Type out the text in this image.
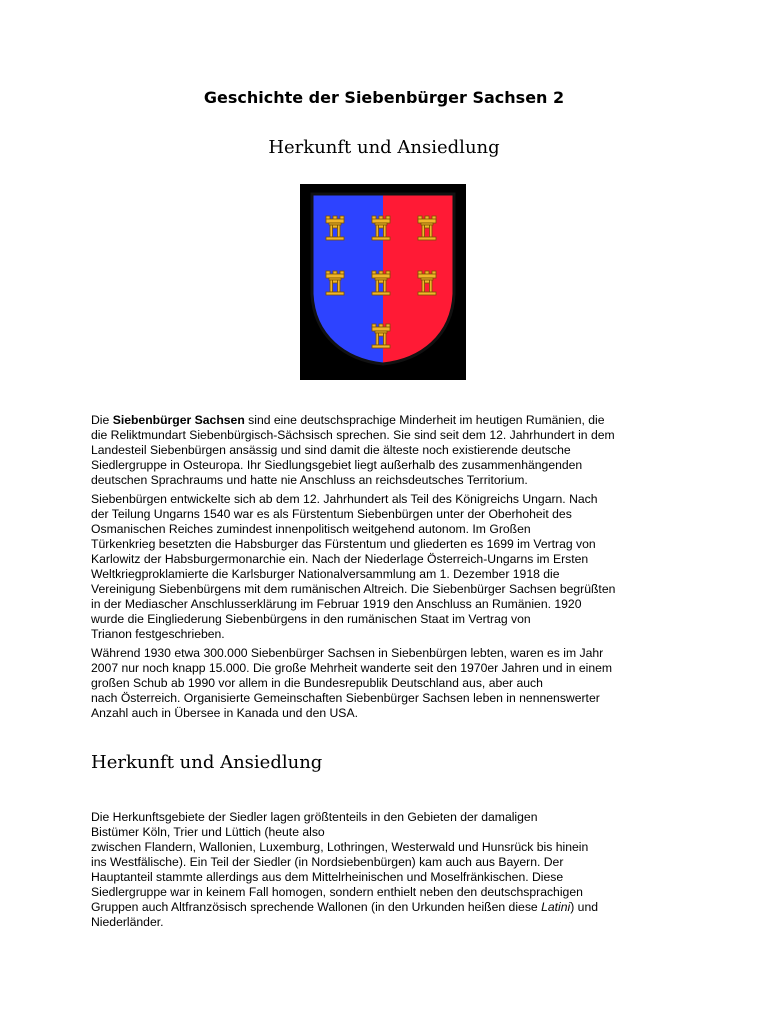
Geschichte der Siebenbürger Sachsen 2
Herkunft und Ansiedlung
Die Siebenbürger Sachsen sind eine deutschsprachige Minderheit im heutigen Rumänien, die
die Reliktmundart Siebenbürgisch-Sächsisch sprechen. Sie sind seit dem 12. Jahrhundert in dem
Landesteil Siebenbürgen ansässig und sind damit die älteste noch existierende deutsche
Siedlergruppe in Osteuropa. Ihr Siedlungsgebiet liegt außerhalb des zusammenhängenden
deutschen Sprachraums und hatte nie Anschluss an reichsdeutsches Territorium.
Siebenbürgen entwickelte sich ab dem 12. Jahrhundert als Teil des Königreichs Ungarn. Nach
der Teilung Ungarns 1540 war es als Fürstentum Siebenbürgen unter der Oberhoheit des
Osmanischen Reiches zumindest innenpolitisch weitgehend autonom. Im Großen
Türkenkrieg besetzten die Habsburger das Fürstentum und gliederten es 1699 im Vertrag von
Karlowitz der Habsburgermonarchie ein. Nach der Niederlage Österreich-Ungarns im Ersten
Weltkriegproklamierte die Karlsburger Nationalversammlung am 1. Dezember 1918 die
Vereinigung Siebenbürgens mit dem rumänischen Altreich. Die Siebenbürger Sachsen begrüßten
in der Mediascher Anschlusserklärung im Februar 1919 den Anschluss an Rumänien. 1920
wurde die Eingliederung Siebenbürgens in den rumänischen Staat im Vertrag von
Trianon festgeschrieben.
Während 1930 etwa 300.000 Siebenbürger Sachsen in Siebenbürgen lebten, waren es im Jahr
2007 nur noch knapp 15.000. Die große Mehrheit wanderte seit den 1970er Jahren und in einem
großen Schub ab 1990 vor allem in die Bundesrepublik Deutschland aus, aber auch
nach Österreich. Organisierte Gemeinschaften Siebenbürger Sachsen leben in nennenswerter
Anzahl auch in Übersee in Kanada und den USA.
Herkunft und Ansiedlung
Die Herkunftsgebiete der Siedler lagen größtenteils in den Gebieten der damaligen
Bistümer Köln, Trier und Lüttich (heute also
zwischen Flandern, Wallonien, Luxemburg, Lothringen, Westerwald und Hunsrück bis hinein
ins Westfälische). Ein Teil der Siedler (in Nordsiebenbürgen) kam auch aus Bayern. Der
Hauptanteil stammte allerdings aus dem Mittelrheinischen und Moselfränkischen. Diese
Siedlergruppe war in keinem Fall homogen, sondern enthielt neben den deutschsprachigen
Gruppen auch Altfranzösisch sprechende Wallonen (in den Urkunden heißen diese Latini) und
Niederländer.
